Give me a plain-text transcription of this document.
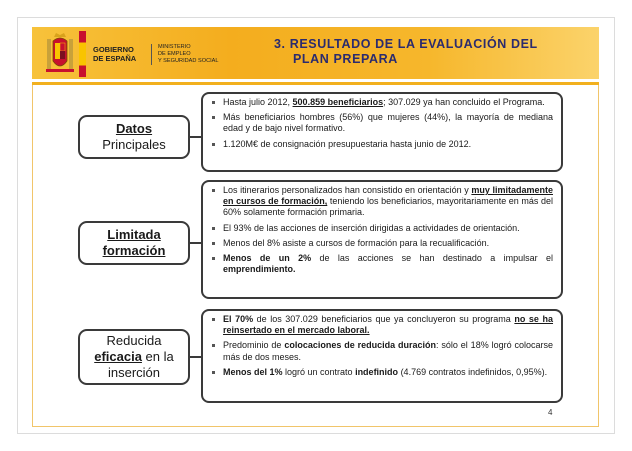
GOBIERNO
DE ESPAÑA
MINISTERIO
DE EMPLEO
Y SEGURIDAD SOCIAL
3. RESULTADO DE LA EVALUACIÓN DEL
PLAN PREPARA
Datos
Principales
Hasta julio 2012, 500.859 beneficiarios; 307.029 ya han concluido el Programa.
Más beneficiarios hombres (56%) que mujeres (44%), la mayoría de mediana edad y de bajo nivel formativo.
1.120M€ de consignación presupuestaria hasta junio de 2012.
Limitada
formación
Los itinerarios personalizados han consistido en orientación y muy limitadamente en cursos de formación, teniendo los beneficiarios, mayoritariamente en más del 60% solamente formación primaria.
El 93% de las acciones de inserción dirigidas a actividades de orientación.
Menos del 8% asiste a cursos de formación para la recualificación.
Menos de un 2% de las acciones se han destinado a impulsar el emprendimiento.
Reducida
eficacia en la
inserción
El 70% de los 307.029 beneficiarios que ya concluyeron su programa no se ha reinsertado en el mercado laboral.
Predominio de colocaciones de reducida duración: sólo el 18% logró colocarse más de dos meses.
Menos del 1% logró un contrato indefinido (4.769 contratos indefinidos, 0,95%).
4
